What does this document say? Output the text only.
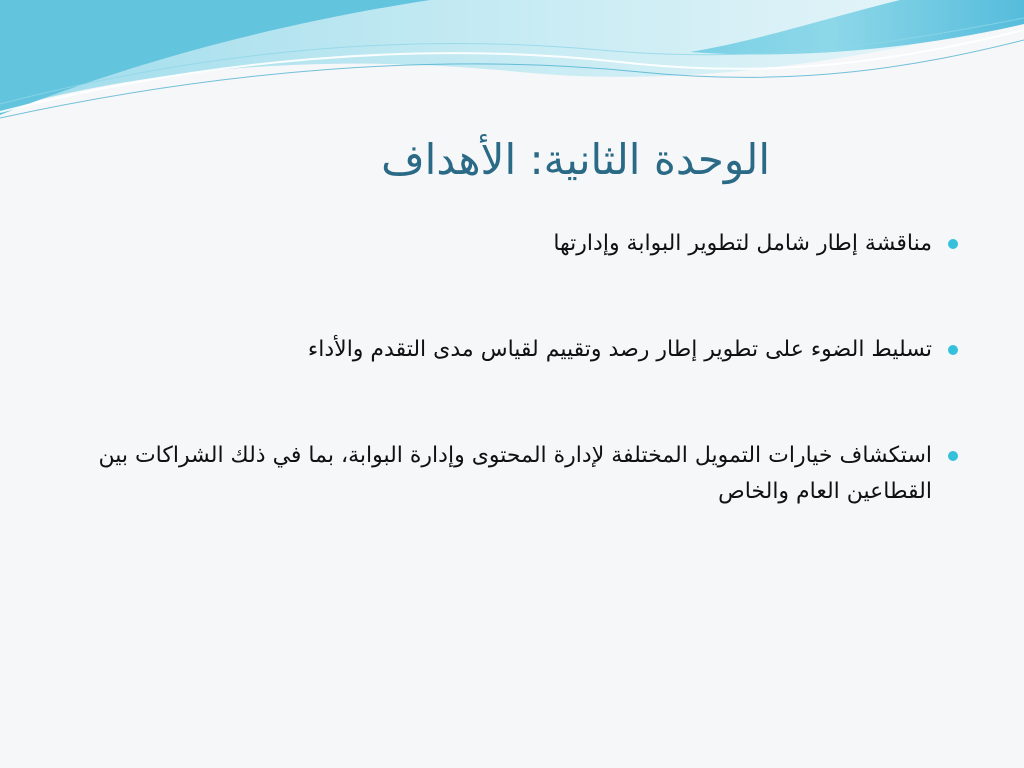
الوحدة الثانية: الأهداف
مناقشة إطار شامل لتطوير البوابة وإدارتها
تسليط الضوء على تطوير إطار رصد وتقييم لقياس مدى التقدم والأداء
استكشاف خيارات التمويل المختلفة لإدارة المحتوى وإدارة البوابة، بما في ذلك الشراكات بين القطاعين العام والخاص
